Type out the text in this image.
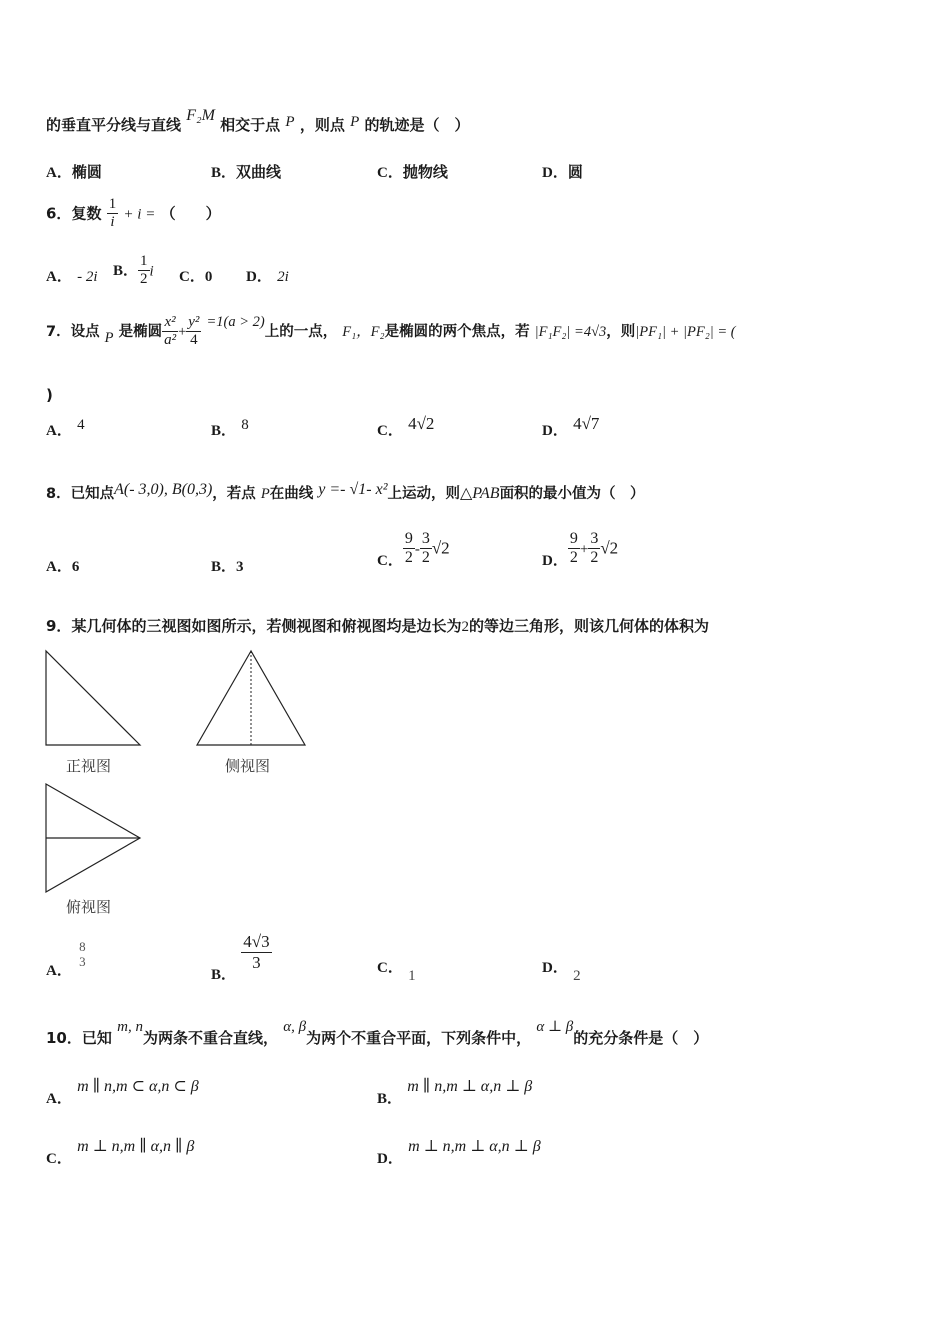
的垂直平分线与直线 F₂M 相交于点 P ，则点 P 的轨迹是（　）
A．椭圆	B．双曲线	C．抛物线	D．圆
6．复数 $\frac{1}{i} + i$ = （　　）
A． - 2i B． $\frac{1}{2}$ i C．0 D． 2i
7．设点 P 是椭圆 $\frac{\text{x²}}{\text{a²}} + \frac{\text{y²}}{4} =1(a > 2)$上的一点， F₁，F₂是椭圆的两个焦点，若 |F₁F₂| =4√3，则|PF₁| + |PF₂| = (
)
A． 4	B． 8	C． 4√2	D． 4√7
8．已知点A(- 3,0), B(0,3)，若点 P在曲线 y =- √1- x²上运动，则△PAB面积的最小值为（　）
A．6	B．3	C． $\frac{9}{2} - \frac{3}{2} √2$
D． $\frac{9}{2} + \frac{3}{2} √2$
9．某几何体的三视图如图所示，若侧视图和俯视图均是边长为2的等边三角形，则该几何体的体积为
正视图	侧视图
俯视图
A．
8
3
B．
$\frac{4√3}{3}$	C． 1	D． 2
10．已知 m, n为两条不重合直线， α, β为两个不重合平面，下列条件中， α ⊥ β的充分条件是（　）
A． m ∥ n,m ⊂ α,n ⊂ β
B． m ∥ n,m ⊥ α,n ⊥ β
C． m ⊥ n,m ∥ α,n ∥ β
D． m ⊥ n,m ⊥ α,n ⊥ β
